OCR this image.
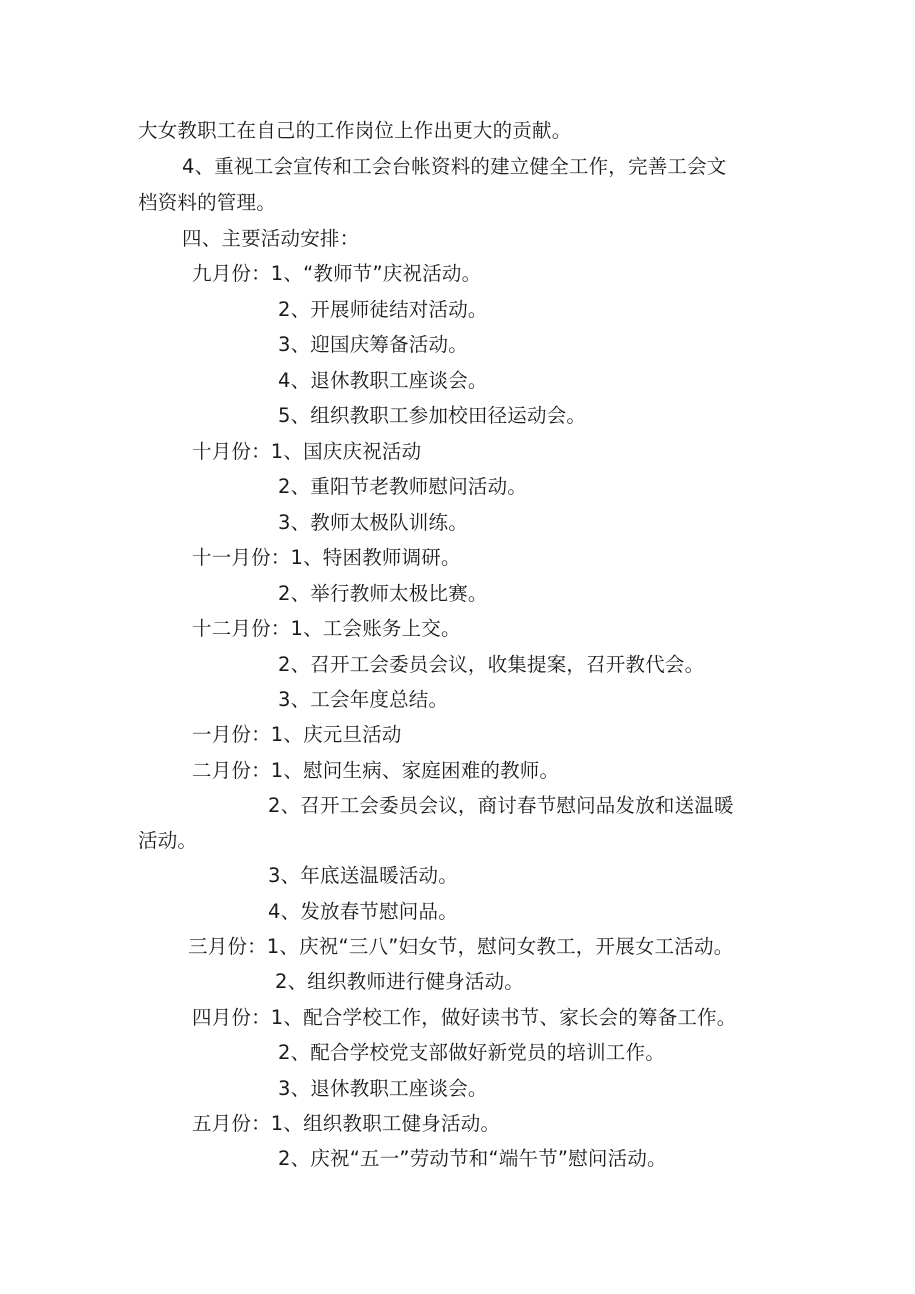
大女教职工在自己的工作岗位上作出更大的贡献。
4、重视工会宣传和工会台帐资料的建立健全工作，完善工会文
档资料的管理。
四、主要活动安排：
九月份：1、“教师节”庆祝活动。
2、开展师徒结对活动。
3、迎国庆筹备活动。
4、退休教职工座谈会。
5、组织教职工参加校田径运动会。
十月份：1、国庆庆祝活动
2、重阳节老教师慰问活动。
3、教师太极队训练。
十一月份：1、特困教师调研。
2、举行教师太极比赛。
十二月份：1、工会账务上交。
2、召开工会委员会议，收集提案，召开教代会。
3、工会年度总结。
一月份：1、庆元旦活动
二月份：1、慰问生病、家庭困难的教师。
2、召开工会委员会议，商讨春节慰问品发放和送温暖
活动。
3、年底送温暖活动。
4、发放春节慰问品。
三月份：1、庆祝“三八”妇女节，慰问女教工，开展女工活动。
2、组织教师进行健身活动。
四月份：1、配合学校工作，做好读书节、家长会的筹备工作。
2、配合学校党支部做好新党员的培训工作。
3、退休教职工座谈会。
五月份：1、组织教职工健身活动。
2、庆祝“五一”劳动节和“端午节”慰问活动。
